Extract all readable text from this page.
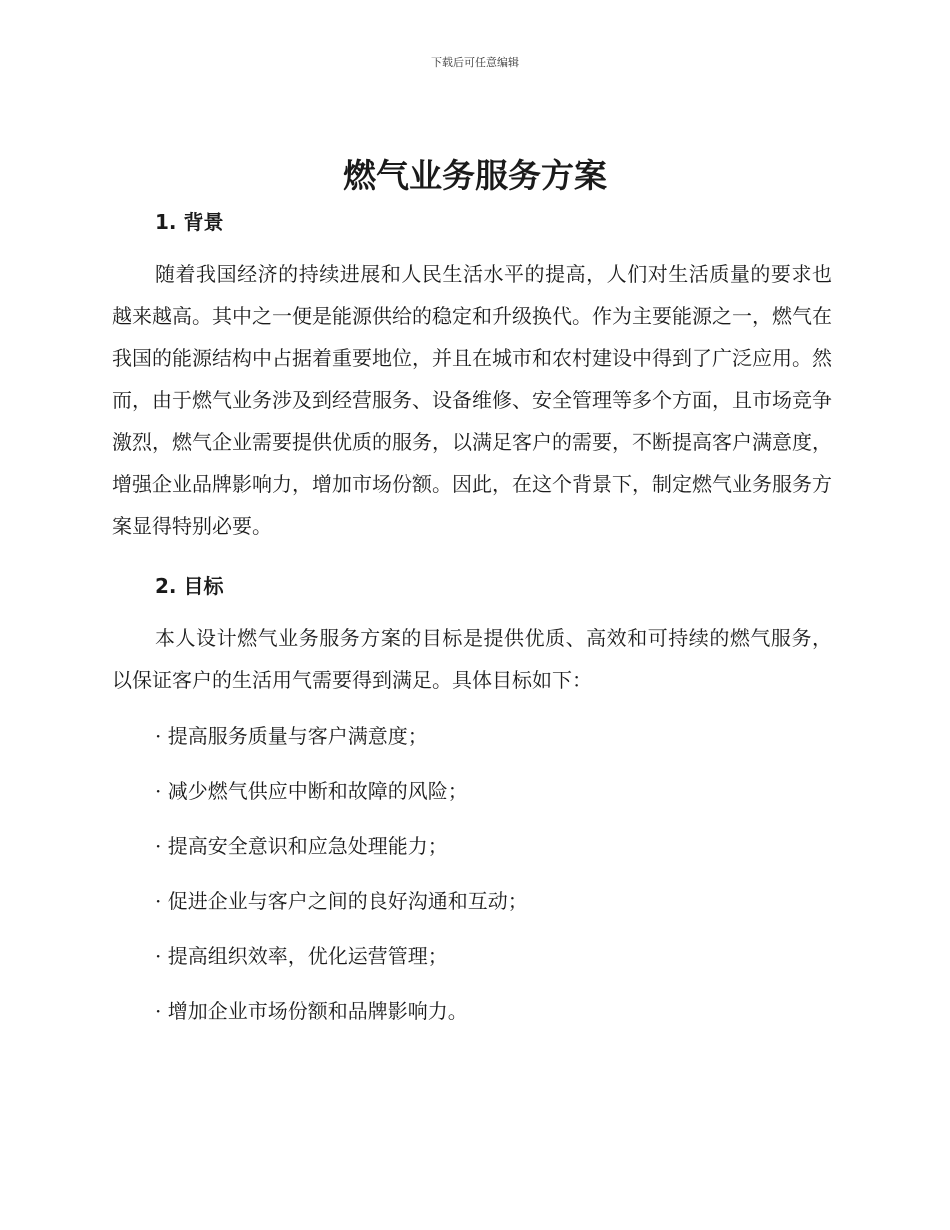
下载后可任意编辑
燃气业务服务方案
1. 背景

随着我国经济的持续进展和人民生活水平的提高，人们对生活质量的要求也越来越高。其中之一便是能源供给的稳定和升级换代。作为主要能源之一，燃气在我国的能源结构中占据着重要地位，并且在城市和农村建设中得到了广泛应用。然而，由于燃气业务涉及到经营服务、设备维修、安全管理等多个方面，且市场竞争激烈，燃气企业需要提供优质的服务，以满足客户的需要，不断提高客户满意度，增强企业品牌影响力，增加市场份额。因此，在这个背景下，制定燃气业务服务方案显得特别必要。

2. 目标

本人设计燃气业务服务方案的目标是提供优质、高效和可持续的燃气服务，以保证客户的生活用气需要得到满足。具体目标如下：

· 提高服务质量与客户满意度；
· 减少燃气供应中断和故障的风险；
· 提高安全意识和应急处理能力；
· 促进企业与客户之间的良好沟通和互动；
· 提高组织效率，优化运营管理；
· 增加企业市场份额和品牌影响力。
